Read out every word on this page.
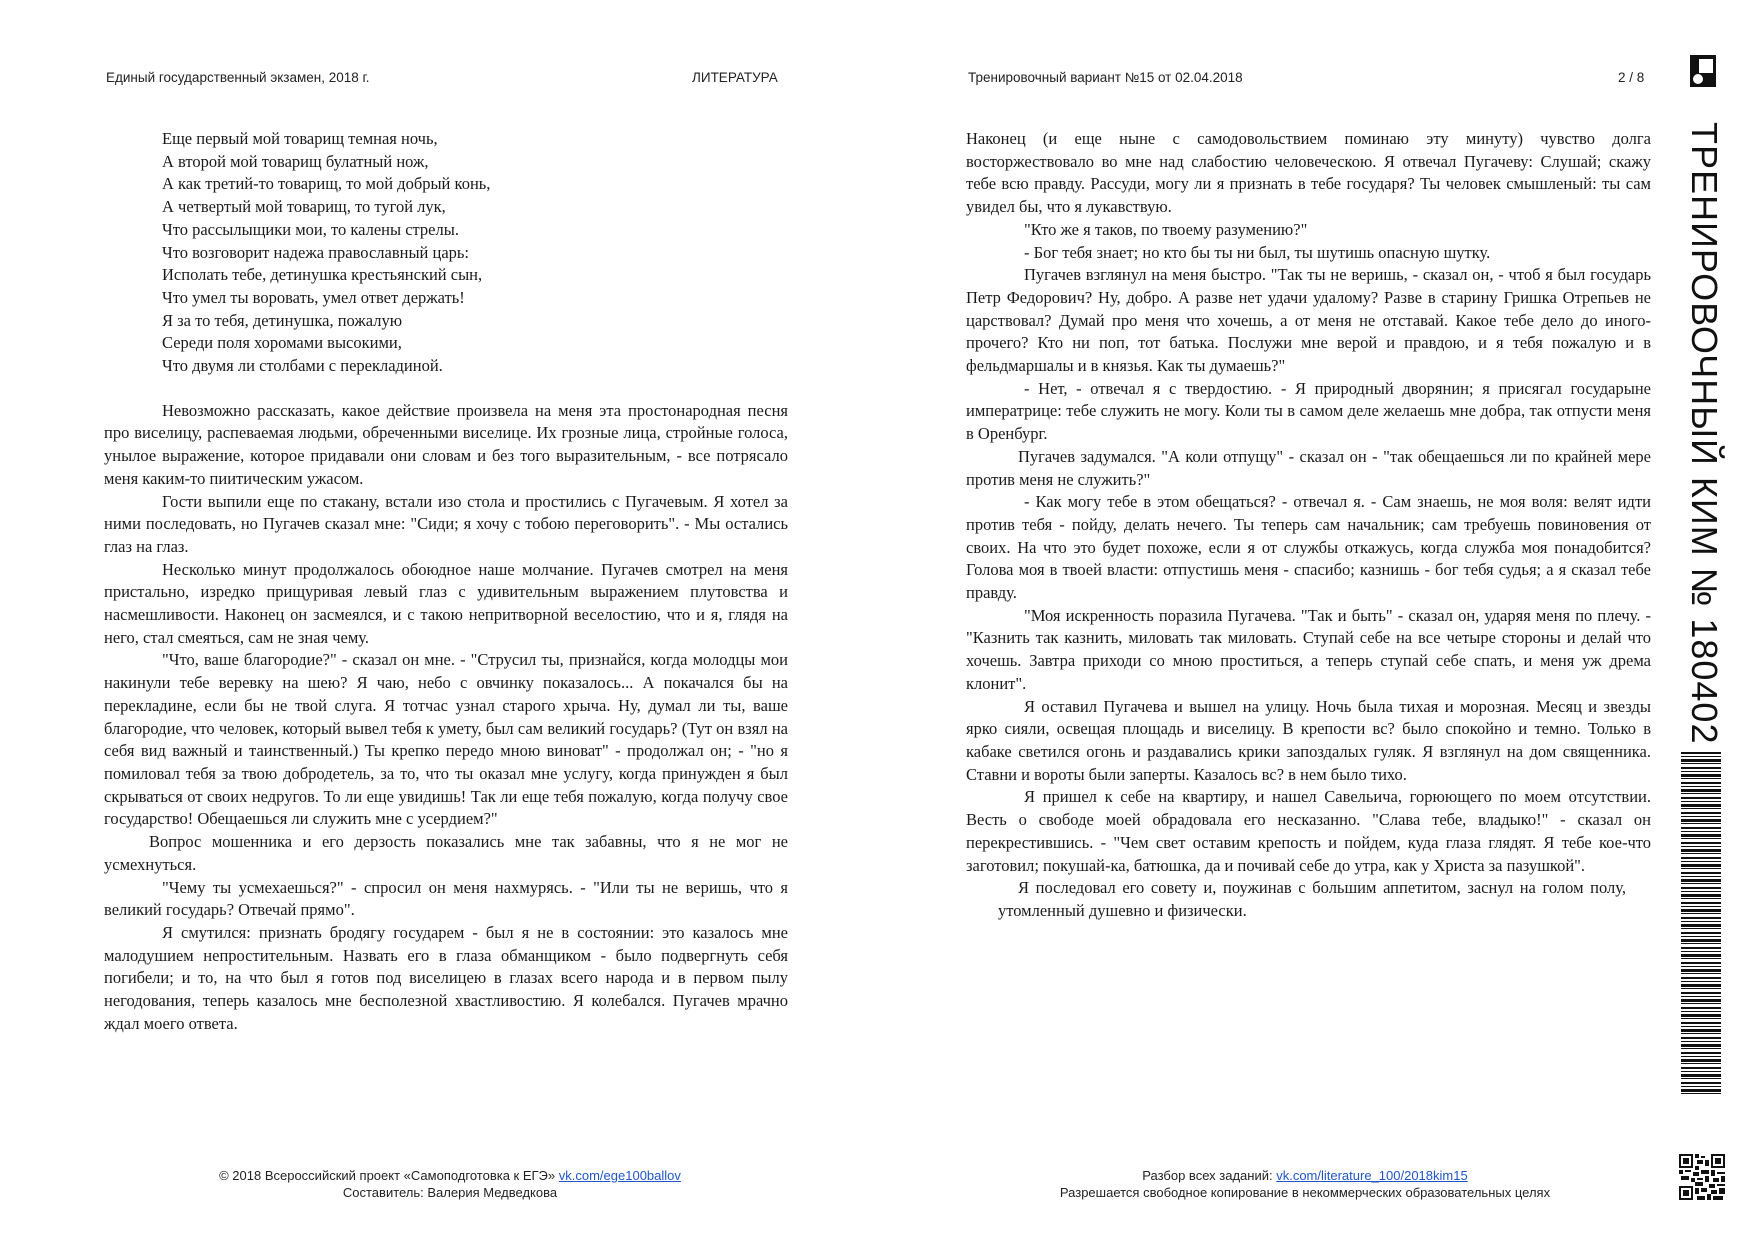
Единый государственный экзамен, 2018 г.	ЛИТЕРАТУРА	Тренировочный вариант №15 от 02.04.2018	2 / 8
ТРЕНИРОВОЧНЫЙ КИМ № 180402
Еще первый мой товарищ темная ночь,
А второй мой товарищ булатный нож,
А как третий-то товарищ, то мой добрый конь,
А четвертый мой товарищ, то тугой лук,
Что рассылыщики мои, то калены стрелы.
Что возговорит надежа православный царь:
Исполать тебе, детинушка крестьянский сын,
Что умел ты воровать, умел ответ держать!
Я за то тебя, детинушка, пожалую
Середи поля хоромами высокими,
Что двумя ли столбами с перекладиной.

Невозможно рассказать, какое действие произвела на меня эта простонародная песня про виселицу, распеваемая людьми, обреченными виселице. Их грозные лица, стройные голоса, унылое выражение, которое придавали они словам и без того выразительным, - все потрясало меня каким-то пиитическим ужасом.

Гости выпили еще по стакану, встали изо стола и простились с Пугачевым. Я хотел за ними последовать, но Пугачев сказал мне: "Сиди; я хочу с тобою переговорить". - Мы остались глаз на глаз.

Несколько минут продолжалось обоюдное наше молчание. Пугачев смотрел на меня пристально, изредко прищуривая левый глаз с удивительным выражением плутовства и насмешливости. Наконец он засмеялся, и с такою непритворной веселостию, что и я, глядя на него, стал смеяться, сам не зная чему.

"Что, ваше благородие?" - сказал он мне. - "Струсил ты, признайся, когда молодцы мои накинули тебе веревку на шею? Я чаю, небо с овчинку показалось... А покачался бы на перекладине, если бы не твой слуга. Я тотчас узнал старого хрыча. Ну, думал ли ты, ваше благородие, что человек, который вывел тебя к умету, был сам великий государь? (Тут он взял на себя вид важный и таинственный.) Ты крепко передо мною виноват" - продолжал он; - "но я помиловал тебя за твою добродетель, за то, что ты оказал мне услугу, когда принужден я был скрываться от своих недругов. То ли еще увидишь! Так ли еще тебя пожалую, когда получу свое государство! Обещаешься ли служить мне с усердием?"

Вопрос мошенника и его дерзость показались мне так забавны, что я не мог не усмехнуться.

"Чему ты усмехаешься?" - спросил он меня нахмурясь. - "Или ты не веришь, что я великий государь? Отвечай прямо".

Я смутился: признать бродягу государем - был я не в состоянии: это казалось мне малодушием непростительным. Назвать его в глаза обманщиком - было подвергнуть себя погибели; и то, на что был я готов под виселицею в глазах всего народа и в первом пылу негодования, теперь казалось мне бесполезной хвастливостию. Я колебался. Пугачев мрачно ждал моего ответа.

Наконец (и еще ныне с самодовольствием поминаю эту минуту) чувство долга восторжествовало во мне над слабостию человеческою. Я отвечал Пугачеву: Слушай; скажу тебе всю правду. Рассуди, могу ли я признать в тебе государя? Ты человек смышленый: ты сам увидел бы, что я лукавствую.

"Кто же я таков, по твоему разумению?"

- Бог тебя знает; но кто бы ты ни был, ты шутишь опасную шутку.

Пугачев взглянул на меня быстро. "Так ты не веришь, - сказал он, - чтоб я был государь Петр Федорович? Ну, добро. А разве нет удачи удалому? Разве в старину Гришка Отрепьев не царствовал? Думай про меня что хочешь, а от меня не отставай. Какое тебе дело до иного-прочего? Кто ни поп, тот батька. Послужи мне верой и правдою, и я тебя пожалую и в фельдмаршалы и в князья. Как ты думаешь?"

- Нет, - отвечал я с твердостию. - Я природный дворянин; я присягал государыне императрице: тебе служить не могу. Коли ты в самом деле желаешь мне добра, так отпусти меня в Оренбург.

Пугачев задумался. "А коли отпущу" - сказал он - "так обещаешься ли по крайней мере против меня не служить?"

- Как могу тебе в этом обещаться? - отвечал я. - Сам знаешь, не моя воля: велят идти против тебя - пойду, делать нечего. Ты теперь сам начальник; сам требуешь повиновения от своих. На что это будет похоже, если я от службы откажусь, когда служба моя понадобится? Голова моя в твоей власти: отпустишь меня - спасибо; казнишь - бог тебя судья; а я сказал тебе правду.

"Моя искренность поразила Пугачева. "Так и быть" - сказал он, ударяя меня по плечу. - "Казнить так казнить, миловать так миловать. Ступай себе на все четыре стороны и делай что хочешь. Завтра приходи со мною проститься, а теперь ступай себе спать, и меня уж дрема клонит".

Я оставил Пугачева и вышел на улицу. Ночь была тихая и морозная. Месяц и звезды ярко сияли, освещая площадь и виселицу. В крепости вс? было спокойно и темно. Только в кабаке светился огонь и раздавались крики запоздалых гуляк. Я взглянул на дом священника. Ставни и вороты были заперты. Казалось вс? в нем было тихо.

Я пришел к себе на квартиру, и нашел Савельича, горюющего по моем отсутствии. Весть о свободе моей обрадовала его несказанно. "Слава тебе, владыко!" - сказал он перекрестившись. - "Чем свет оставим крепость и пойдем, куда глаза глядят. Я тебе кое-что заготовил; покушай-ка, батюшка, да и почивай себе до утра, как у Христа за пазушкой".

Я последовал его совету и, поужинав с большим аппетитом, заснул на голом полу, утомленный душевно и физически.

© 2018 Всероссийский проект «Самоподготовка к ЕГЭ» vk.com/ege100ballov
Составитель: Валерия Медведкова
Разбор всех заданий: vk.com/literature_100/2018kim15
Разрешается свободное копирование в некоммерческих образовательных целях
